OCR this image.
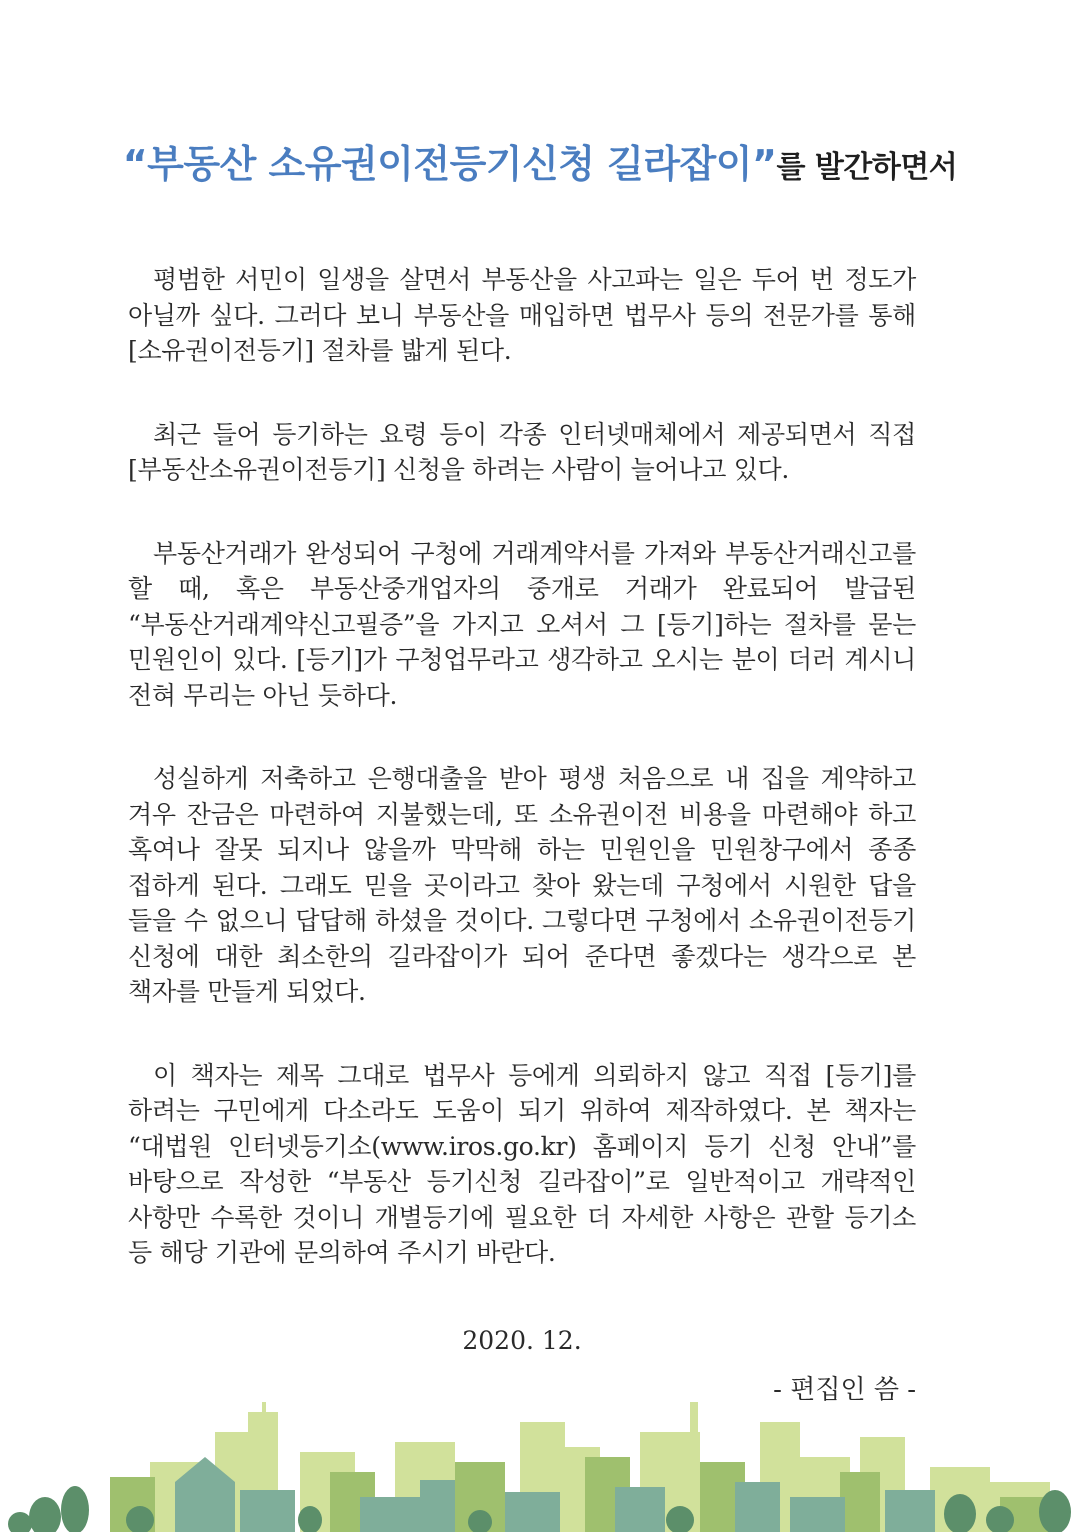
“부동산 소유권이전등기신청 길라잡이”를 발간하면서

평범한 서민이 일생을 살면서 부동산을 사고파는 일은 두어 번 정도가 아닐까 싶다. 그러다 보니 부동산을 매입하면 법무사 등의 전문가를 통해 [소유권이전등기] 절차를 밟게 된다.

최근 들어 등기하는 요령 등이 각종 인터넷매체에서 제공되면서 직접 [부동산소유권이전등기] 신청을 하려는 사람이 늘어나고 있다.

부동산거래가 완성되어 구청에 거래계약서를 가져와 부동산거래신고를 할 때, 혹은 부동산중개업자의 중개로 거래가 완료되어 발급된 “부동산거래계약신고필증”을 가지고 오셔서 그 [등기]하는 절차를 묻는 민원인이 있다. [등기]가 구청업무라고 생각하고 오시는 분이 더러 계시니 전혀 무리는 아닌 듯하다.

성실하게 저축하고 은행대출을 받아 평생 처음으로 내 집을 계약하고 겨우 잔금은 마련하여 지불했는데, 또 소유권이전 비용을 마련해야 하고 혹여나 잘못 되지나 않을까 막막해 하는 민원인을 민원창구에서 종종 접하게 된다. 그래도 믿을 곳이라고 찾아 왔는데 구청에서 시원한 답을 들을 수 없으니 답답해 하셨을 것이다. 그렇다면 구청에서 소유권이전등기 신청에 대한 최소한의 길라잡이가 되어 준다면 좋겠다는 생각으로 본 책자를 만들게 되었다.

이 책자는 제목 그대로 법무사 등에게 의뢰하지 않고 직접 [등기]를 하려는 구민에게 다소라도 도움이 되기 위하여 제작하였다. 본 책자는 “대법원 인터넷등기소(www.iros.go.kr) 홈페이지 등기 신청 안내”를 바탕으로 작성한 “부동산 등기신청 길라잡이”로 일반적이고 개략적인 사항만 수록한 것이니 개별등기에 필요한 더 자세한 사항은 관할 등기소 등 해당 기관에 문의하여 주시기 바란다.

2020. 12.
- 편집인 씀 -
